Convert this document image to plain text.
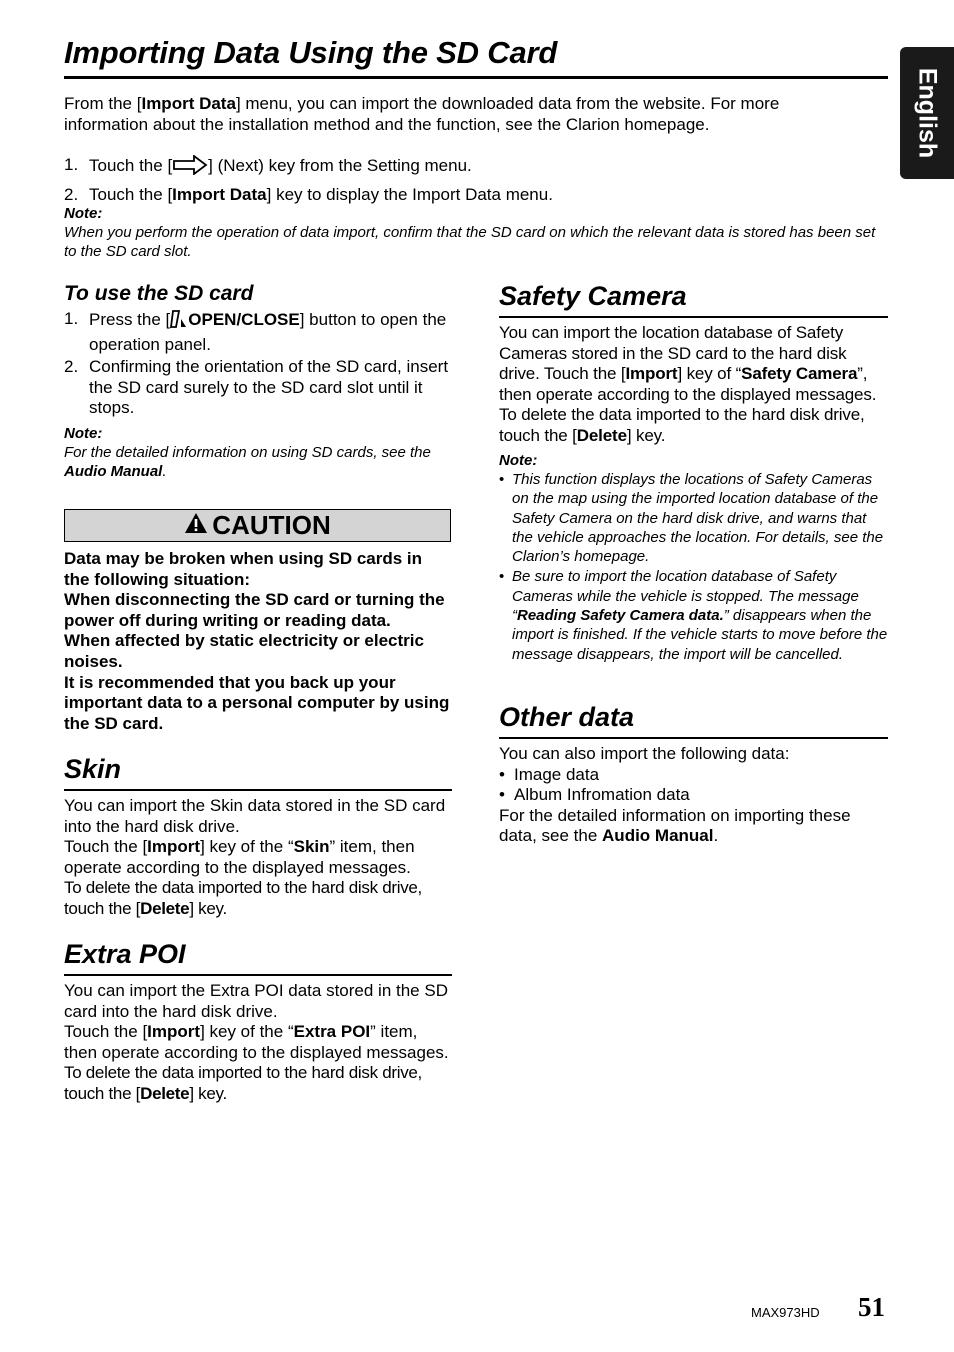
Importing Data Using the SD Card
English
From the [Import Data] menu, you can import the downloaded data from the website. For more information about the installation method and the function, see the Clarion homepage.
1. Touch the [ ] (Next) key from the Setting menu.
2. Touch the [Import Data] key to display the Import Data menu.
Note:
When you perform the operation of data import, confirm that the SD card on which the relevant data is stored has been set to the SD card slot.
To use the SD card
1. Press the [ OPEN/CLOSE] button to open the operation panel.
2. Confirming the orientation of the SD card, insert the SD card surely to the SD card slot until it stops.
Note:
For the detailed information on using SD cards, see the Audio Manual.
CAUTION

Data may be broken when using SD cards in the following situation:

When disconnecting the SD card or turning the power off during writing or reading data.

When affected by static electricity or electric noises.

It is recommended that you back up your important data to a personal computer by using the SD card.

Skin

You can import the Skin data stored in the SD card into the hard disk drive.

Touch the [Import] key of the “Skin” item, then operate according to the displayed messages.

To delete the data imported to the hard disk drive, touch the [Delete] key.

Extra POI

You can import the Extra POI data stored in the SD card into the hard disk drive.

Touch the [Import] key of the “Extra POI” item, then operate according to the displayed messages.

To delete the data imported to the hard disk drive, touch the [Delete] key.

Safety Camera
You can import the location database of Safety Cameras stored in the SD card to the hard disk drive. Touch the [Import] key of “Safety Camera”, then operate according to the displayed messages. To delete the data imported to the hard disk drive, touch the [Delete] key.
Note:
• This function displays the locations of Safety Cameras on the map using the imported location database of the Safety Camera on the hard disk drive, and warns that the vehicle approaches the location. For details, see the Clarion’s homepage.
• Be sure to import the location database of Safety Cameras while the vehicle is stopped. The message “Reading Safety Camera data.” disappears when the import is finished. If the vehicle starts to move before the message disappears, the import will be cancelled.
Other data

You can also import the following data:

• Image data
• Album Infromation data

For the detailed information on importing these data, see the Audio Manual.

MAX973HD 51
